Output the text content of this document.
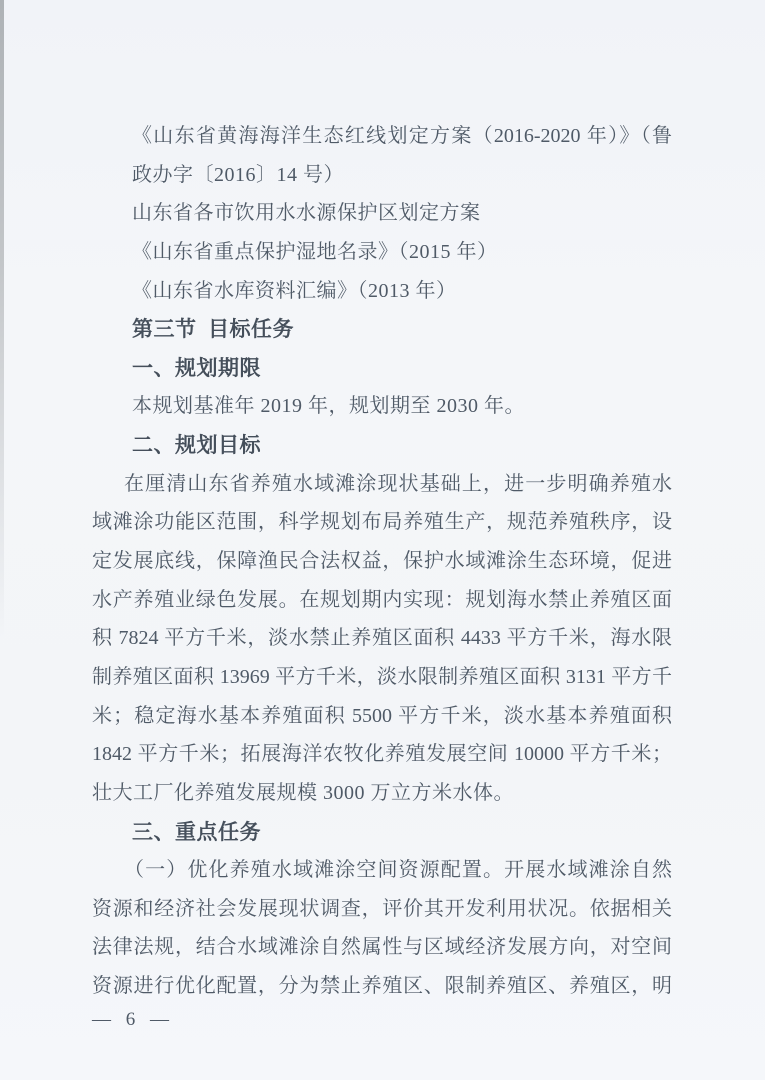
《山东省黄海海洋生态红线划定方案（2016-2020 年）》（鲁
政办字〔2016〕14 号）
山东省各市饮用水水源保护区划定方案
《山东省重点保护湿地名录》（2015 年）
《山东省水库资料汇编》（2013 年）
第三节  目标任务
一、规划期限
本规划基准年 2019 年，规划期至 2030 年。
二、规划目标
在厘清山东省养殖水域滩涂现状基础上，进一步明确养殖水
域滩涂功能区范围，科学规划布局养殖生产，规范养殖秩序，设
定发展底线，保障渔民合法权益，保护水域滩涂生态环境，促进
水产养殖业绿色发展。在规划期内实现：规划海水禁止养殖区面
积 7824 平方千米，淡水禁止养殖区面积 4433 平方千米，海水限
制养殖区面积 13969 平方千米，淡水限制养殖区面积 3131 平方千
米；稳定海水基本养殖面积 5500 平方千米，淡水基本养殖面积
1842 平方千米；拓展海洋农牧化养殖发展空间 10000 平方千米；
壮大工厂化养殖发展规模 3000 万立方米水体。
三、重点任务
（一）优化养殖水域滩涂空间资源配置。开展水域滩涂自然
资源和经济社会发展现状调查，评价其开发利用状况。依据相关
法律法规，结合水域滩涂自然属性与区域经济发展方向，对空间
资源进行优化配置，分为禁止养殖区、限制养殖区、养殖区，明
— 6 —
